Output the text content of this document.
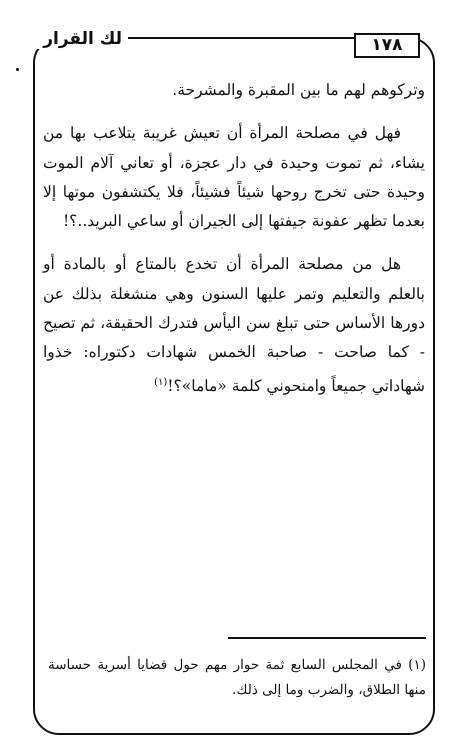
لك القرار	١٧٨

وتركوهم لهم ما بين المقبرة والمشرحة.

فهل في مصلحة المرأة أن تعيش غريبة يتلاعب بها من يشاء، ثم تموت وحيدة في دار عجزة، أو تعاني آلام الموت وحيدة حتى تخرج روحها شيئاً فشيئاً، فلا يكتشفون موتها إلا بعدما تظهر عفونة جيفتها إلى الجيران أو ساعي البريد..؟!

هل من مصلحة المرأة أن تخدع بالمتاع أو بالمادة أو بالعلم والتعليم وتمر عليها السنون وهي منشغلة بذلك عن دورها الأساس حتى تبلغ سن اليأس فتدرك الحقيقة، ثم تصيح - كما صاحت - صاحبة الخمس شهادات دكتوراه: خذوا شهاداتي جميعاً وامنحوني كلمة «ماما»؟!$^{(١)}$

(١) في المجلس السابع ثمة حوار مهم حول قضايا أسرية حساسة منها الطلاق، والضرب وما إلى ذلك.
